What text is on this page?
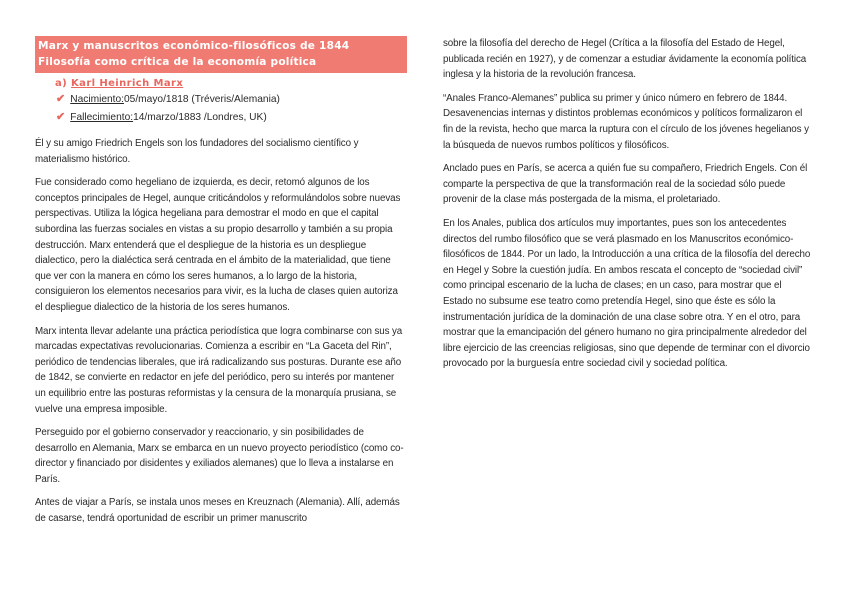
Marx y manuscritos económico-filosóficos de 1844
Filosofía como crítica de la economía política
a) Karl Heinrich Marx
✔ Nacimiento: 05/mayo/1818 (Tréveris/Alemania)
✔ Fallecimiento: 14/marzo/1883 /Londres, UK)

Él y su amigo Friedrich Engels son los fundadores del socialismo científico y materialismo histórico.

Fue considerado como hegeliano de izquierda, es decir, retomó algunos de los conceptos principales de Hegel, aunque criticándolos y reformulándolos sobre nuevas perspectivas. Utiliza la lógica hegeliana para demostrar el modo en que el capital subordina las fuerzas sociales en vistas a su propio desarrollo y también a su propia destrucción. Marx entenderá que el despliegue de la historia es un despliegue dialectico, pero la dialéctica será centrada en el ámbito de la materialidad, que tiene que ver con la manera en cómo los seres humanos, a lo largo de la historia, consiguieron los elementos necesarios para vivir, es la lucha de clases quien autoriza el despliegue dialectico de la historia de los seres humanos.

Marx intenta llevar adelante una práctica periodística que logra combinarse con sus ya marcadas expectativas revolucionarias. Comienza a escribir en “La Gaceta del Rin”, periódico de tendencias liberales, que irá radicalizando sus posturas. Durante ese año de 1842, se convierte en redactor en jefe del periódico, pero su interés por mantener un equilibrio entre las posturas reformistas y la censura de la monarquía prusiana, se vuelve una empresa imposible.

Perseguido por el gobierno conservador y reaccionario, y sin posibilidades de desarrollo en Alemania, Marx se embarca en un nuevo proyecto periodístico (como co-director y financiado por disidentes y exiliados alemanes) que lo lleva a instalarse en París.

Antes de viajar a París, se instala unos meses en Kreuznach (Alemania). Allí, además de casarse, tendrá oportunidad de escribir un primer manuscrito

sobre la filosofía del derecho de Hegel (Crítica a la filosofía del Estado de Hegel, publicada recién en 1927), y de comenzar a estudiar ávidamente la economía política inglesa y la historia de la revolución francesa.

“Anales Franco-Alemanes” publica su primer y único número en febrero de 1844. Desavenencias internas y distintos problemas económicos y políticos formalizaron el fin de la revista, hecho que marca la ruptura con el círculo de los jóvenes hegelianos y la búsqueda de nuevos rumbos políticos y filosóficos.

Anclado pues en París, se acerca a quién fue su compañero, Friedrich Engels. Con él comparte la perspectiva de que la transformación real de la sociedad sólo puede provenir de la clase más postergada de la misma, el proletariado.

En los Anales, publica dos artículos muy importantes, pues son los antecedentes directos del rumbo filosófico que se verá plasmado en los Manuscritos económico-filosóficos de 1844. Por un lado, la Introducción a una crítica de la filosofía del derecho en Hegel y Sobre la cuestión judía. En ambos rescata el concepto de “sociedad civil” como principal escenario de la lucha de clases; en un caso, para mostrar que el Estado no subsume ese teatro como pretendía Hegel, sino que éste es sólo la instrumentación jurídica de la dominación de una clase sobre otra. Y en el otro, para mostrar que la emancipación del género humano no gira principalmente alrededor del libre ejercicio de las creencias religiosas, sino que depende de terminar con el divorcio provocado por la burguesía entre sociedad civil y sociedad política.
